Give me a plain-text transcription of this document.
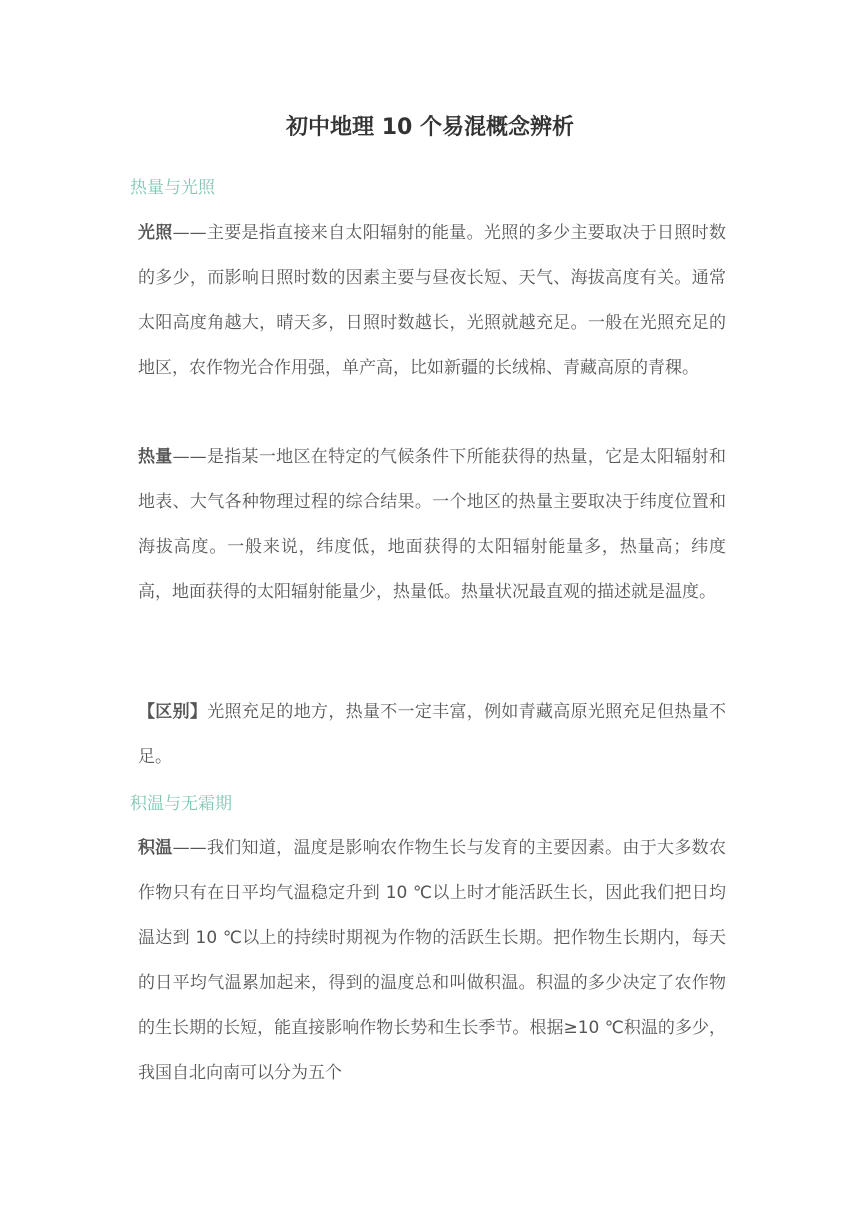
初中地理 10 个易混概念辨析
热量与光照

光照——主要是指直接来自太阳辐射的能量。光照的多少主要取决于日照时数的多少，而影响日照时数的因素主要与昼夜长短、天气、海拔高度有关。通常太阳高度角越大，晴天多，日照时数越长，光照就越充足。一般在光照充足的地区，农作物光合作用强，单产高，比如新疆的长绒棉、青藏高原的青稞。

热量——是指某一地区在特定的气候条件下所能获得的热量，它是太阳辐射和地表、大气各种物理过程的综合结果。一个地区的热量主要取决于纬度位置和海拔高度。一般来说，纬度低，地面获得的太阳辐射能量多，热量高；纬度高，地面获得的太阳辐射能量少，热量低。热量状况最直观的描述就是温度。

【区别】光照充足的地方，热量不一定丰富，例如青藏高原光照充足但热量不足。

积温与无霜期

积温——我们知道，温度是影响农作物生长与发育的主要因素。由于大多数农作物只有在日平均气温稳定升到 10 ℃以上时才能活跃生长，因此我们把日均温达到 10 ℃以上的持续时期视为作物的活跃生长期。把作物生长期内，每天的日平均气温累加起来，得到的温度总和叫做积温。积温的多少决定了农作物的生长期的长短，能直接影响作物长势和生长季节。根据≥10 ℃积温的多少，我国自北向南可以分为五个
